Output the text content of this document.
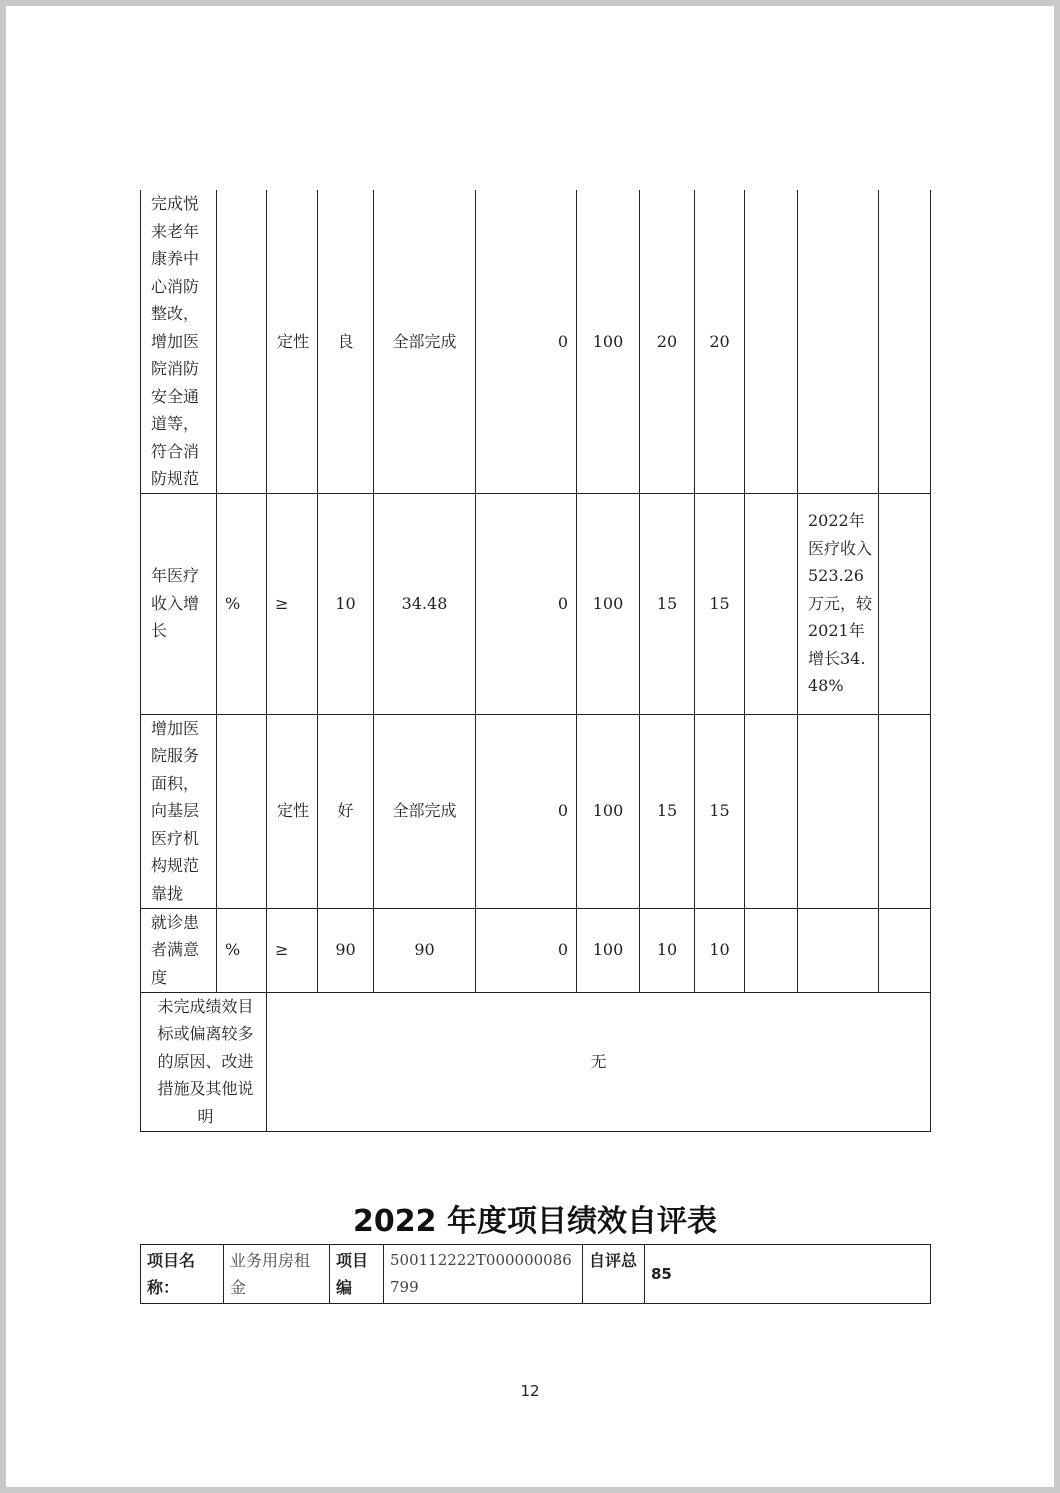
完成悦来老年康养中心消防整改，增加医院消防安全通道等，符合消防规范		定性	良	全部完成	0	100	20	20			
年医疗收入增长	%	≥	10	34.48	0	100	15	15		2022年医疗收入523.26万元，较2021年增长34.48%	
增加医院服务面积，向基层医疗机构规范靠拢		定性	好	全部完成	0	100	15	15			
就诊患者满意度	%	≥	90	90	0	100	10	10			
未完成绩效目标或偏离较多的原因、改进措施及其他说明		无									
2022 年度项目绩效自评表
项目名称：	业务用房租金	项目编	500112222T000000086799	自评总	85
12
